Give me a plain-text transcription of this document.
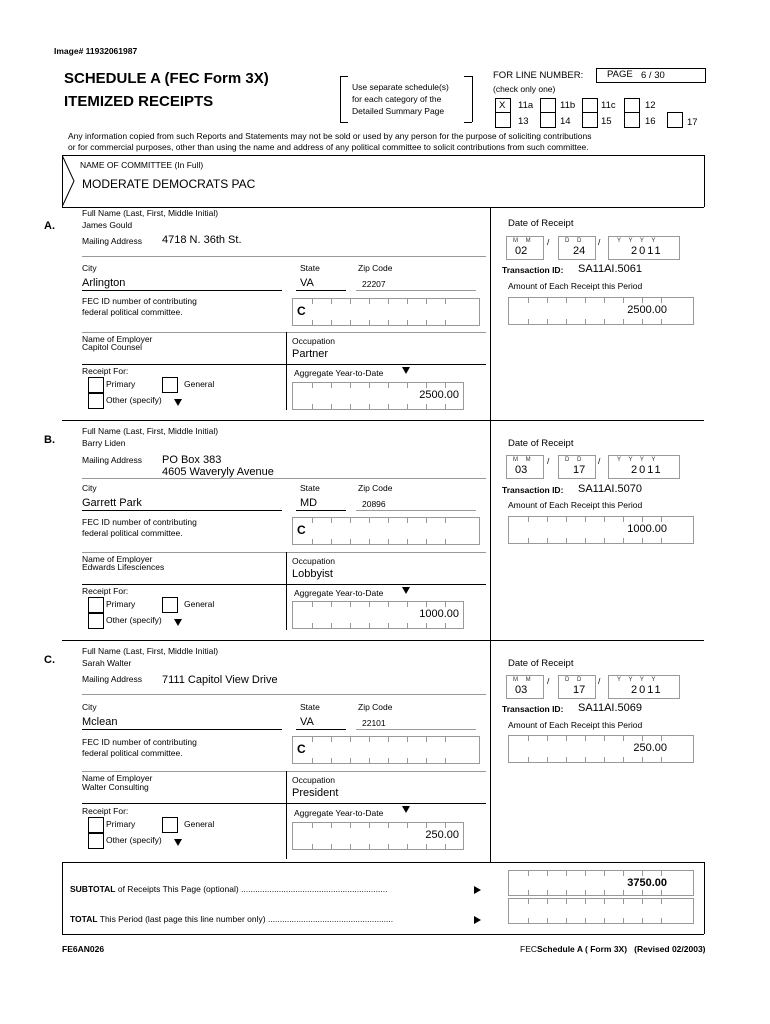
Image# 11932061987
SCHEDULE A (FEC Form 3X)
ITEMIZED RECEIPTS
Use separate schedule(s)
for each category of the
Detailed Summary Page
FOR LINE NUMBER:
(check only one)
PAGE 6 / 30
X 11a	11b	11c	12
13	14	15	16	17
Any information copied from such Reports and Statements may not be sold or used by any person for the purpose of soliciting contributions
or for commercial purposes, other than using the name and address of any political committee to solicit contributions from such committee.
NAME OF COMMITTEE (In Full)
MODERATE DEMOCRATS PAC
A.
Full Name (Last, First, Middle Initial)
James Gould
Mailing Address 4718 N. 36th St.
City	State	Zip Code
Arlington	VA	22207
FEC ID number of contributing
federal political committee.	C
Name of Employer
Capitol Counsel
Occupation
Partner
Receipt For:
Primary	General
Other (specify)
Aggregate Year-to-Date
2500.00
Date of Receipt
M M
02
/	D D
24
/	Y Y Y Y
2011
Transaction ID: SA11AI.5061
Amount of Each Receipt this Period
2500.00
B.
Full Name (Last, First, Middle Initial)
Barry Liden
Mailing Address PO Box 383
4605 Waveryly Avenue
City	State	Zip Code
Garrett Park	MD	20896
FEC ID number of contributing
federal political committee.	C
Name of Employer
Edwards Lifesciences
Occupation
Lobbyist
Receipt For:
Primary	General
Other (specify)
Aggregate Year-to-Date
1000.00
Date of Receipt
M M
03
/	D D
17
/	Y Y Y Y
2011
Transaction ID: SA11AI.5070
Amount of Each Receipt this Period
1000.00
C.
Full Name (Last, First, Middle Initial)
Sarah Walter
Mailing Address 7111 Capitol View Drive
City	State	Zip Code
Mclean	VA	22101
FEC ID number of contributing
federal political committee.	C
Name of Employer
Walter Consulting
Occupation
President
Receipt For:
Primary	General
Other (specify)
Aggregate Year-to-Date
250.00
Date of Receipt
M M
03
/	D D
17
/	Y Y Y Y
2011
Transaction ID: SA11AI.5069
Amount of Each Receipt this Period
250.00
SUBTOTAL of Receipts This Page (optional) ..............................................................	3750.00
TOTAL This Period (last page this line number only) .....................................................
FE6AN026	FECSchedule A ( Form 3X) (Revised 02/2003)
